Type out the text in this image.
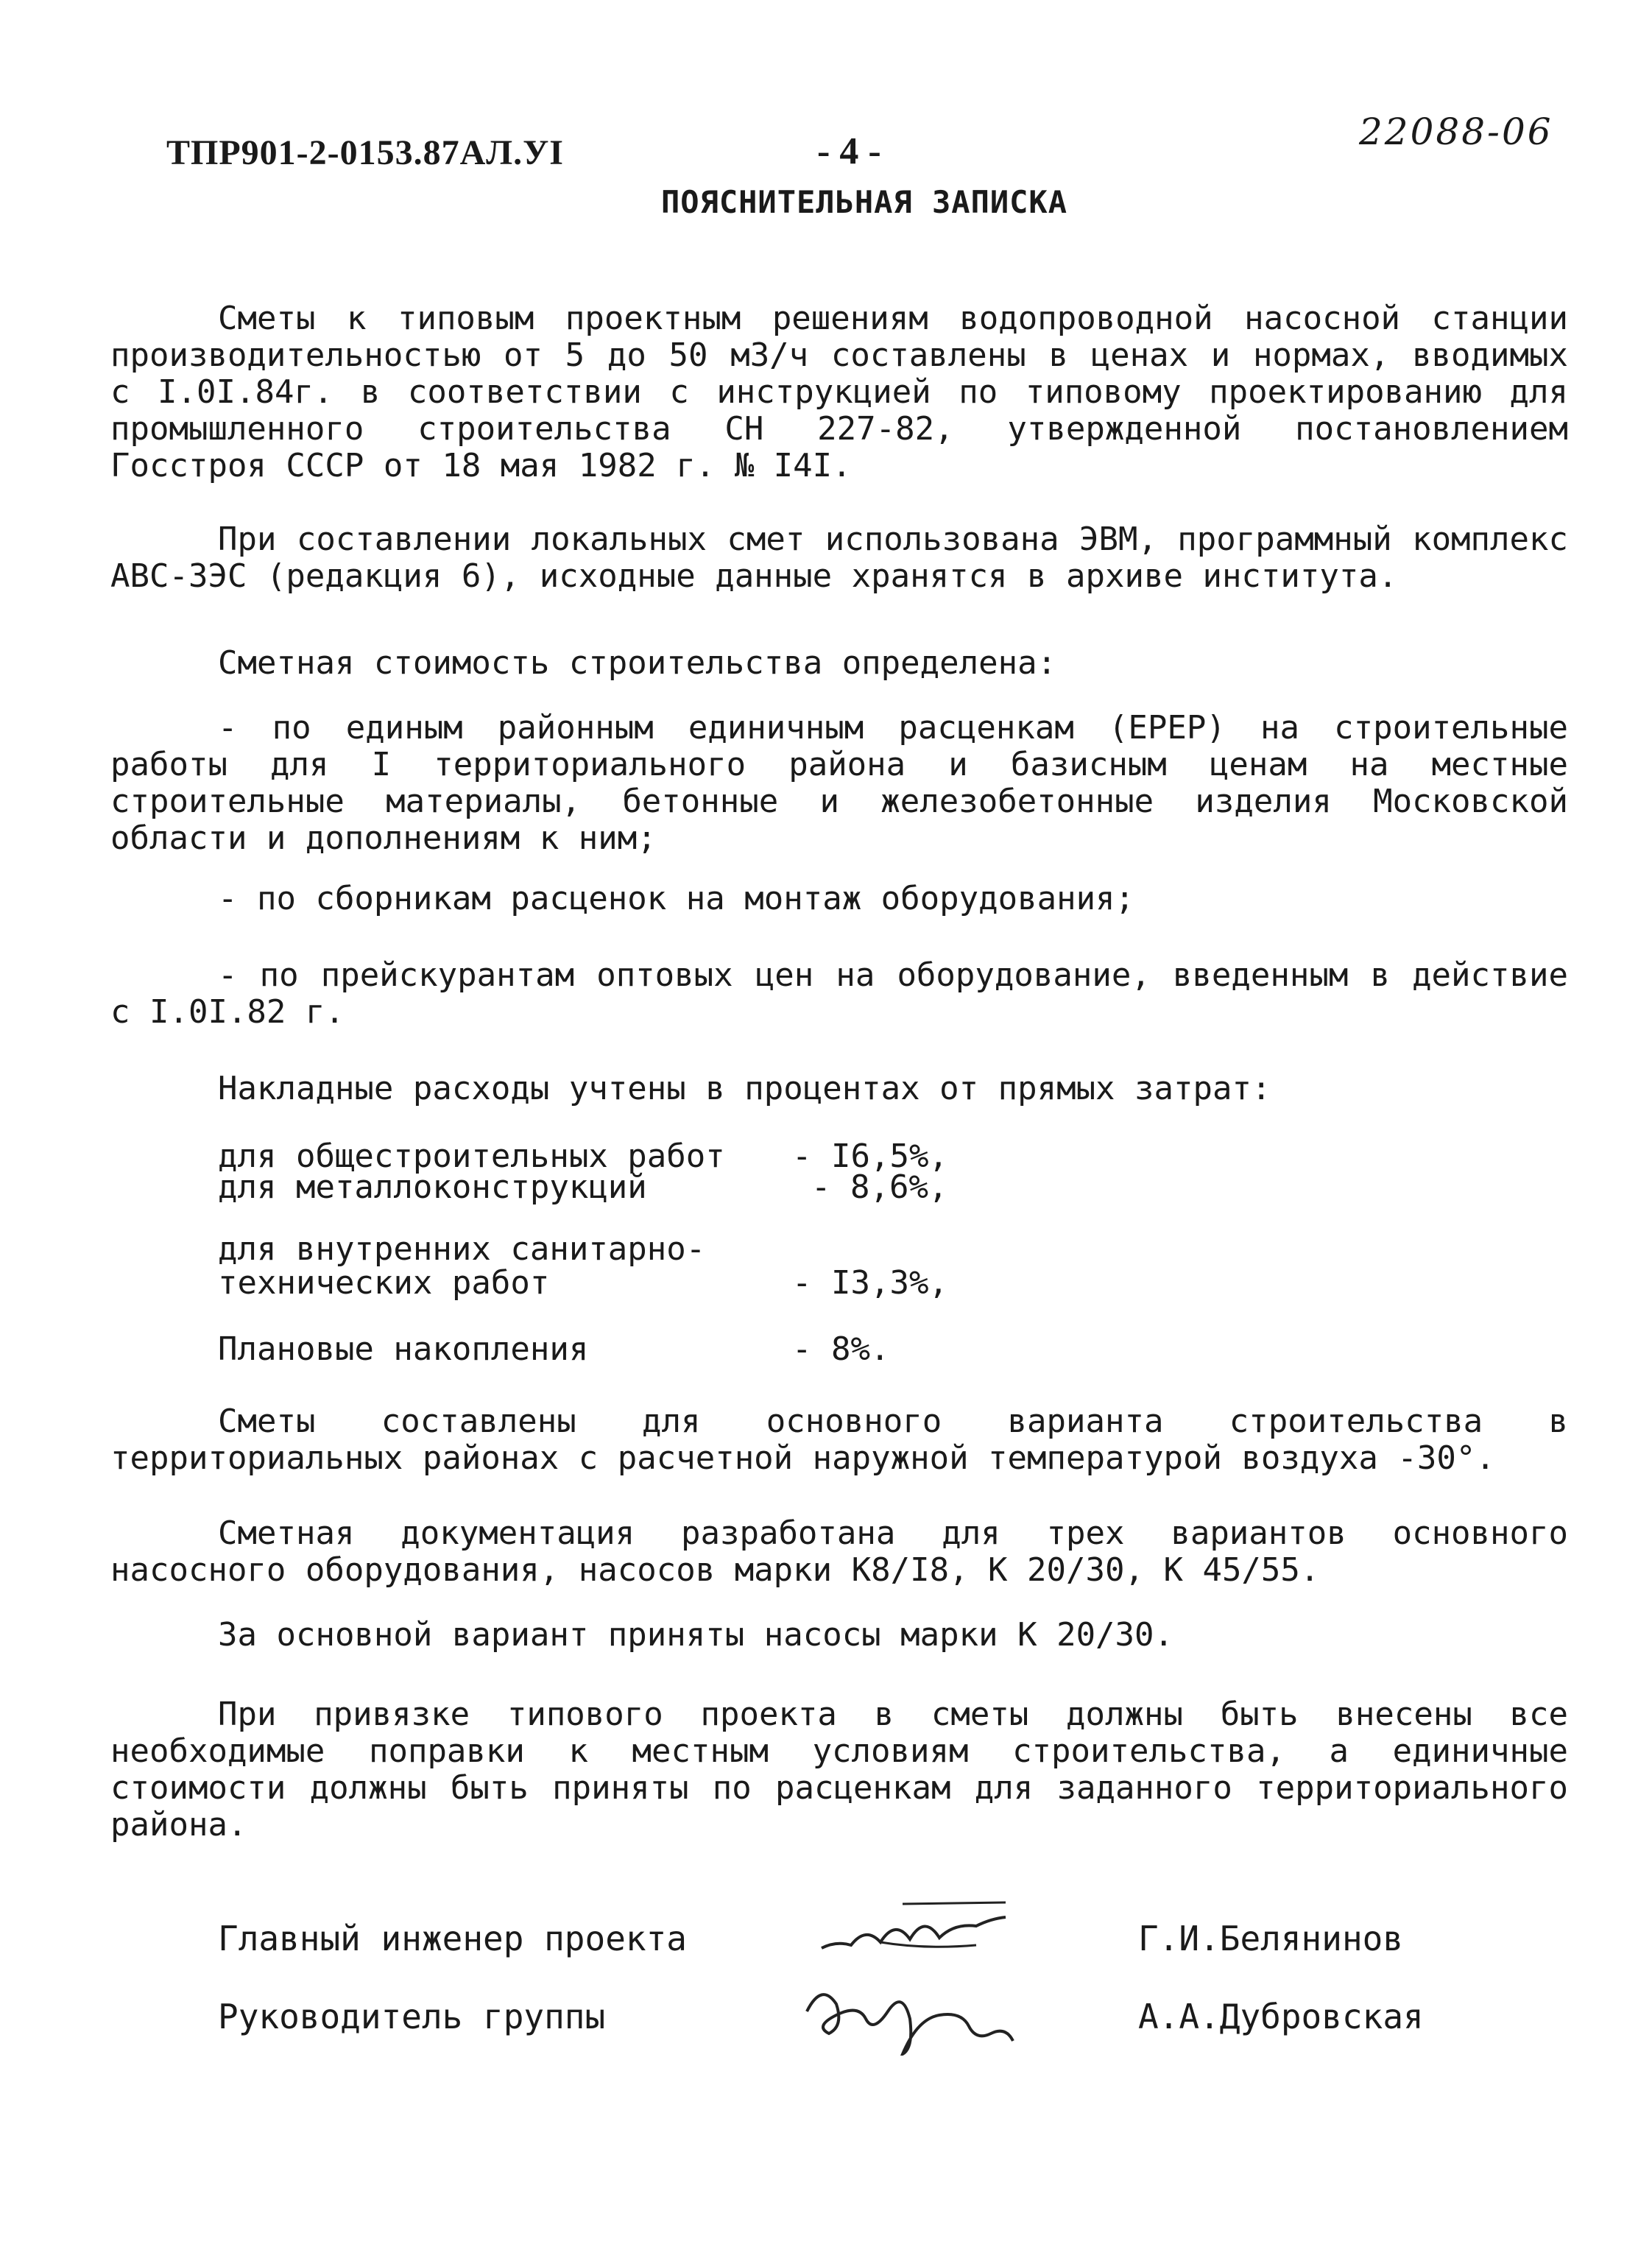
ТПР901-2-0153.87АЛ.УI	- 4 -	22088-06
ПОЯСНИТЕЛЬНАЯ ЗАПИСКА

Сметы к типовым проектным решениям водопроводной насосной станции производительностью от 5 до 50 м3/ч составлены в ценах и нормах, вводимых с I.0I.84г. в соответствии с инструкцией по типовому проектированию для промышленного строительства СН 227-82, утвержденной постановлением Госстроя СССР от 18 мая 1982 г. № I4I.

При составлении локальных смет использована ЭВМ, программный комплекс АВС-ЗЭС (редакция 6), исходные данные хранятся в архиве института.

Сметная стоимость строительства определена:

- по единым районным единичным расценкам (ЕРЕР) на строительные работы для I территориального района и базисным ценам на местные строительные материалы, бетонные и железобетонные изделия Московской области и дополнениям к ним;

- по сборникам расценок на монтаж оборудования;

- по прейскурантам оптовых цен на оборудование, введенным в действие с I.0I.82 г.

Накладные расходы учтены в процентах от прямых затрат:

для общестроительных работ - I6,5%,
для металлоконструкций	- 8,6%,
для внутренних санитарно-
технических работ	- I3,3%,
Плановые накопления	- 8%.

Сметы составлены для основного варианта строительства в территориальных районах с расчетной наружной температурой воздуха -30°.

Сметная документация разработана для трех вариантов основного насосного оборудования, насосов марки К8/I8, К 20/30, К 45/55.

За основной вариант приняты насосы марки К 20/30.

При привязке типового проекта в сметы должны быть внесены все необходимые поправки к местным условиям строительства, а единичные стоимости должны быть приняты по расценкам для заданного территориального района.

Главный инженер проекта	Г.И.Белянинов
Руководитель группы	А.А.Дубровская
